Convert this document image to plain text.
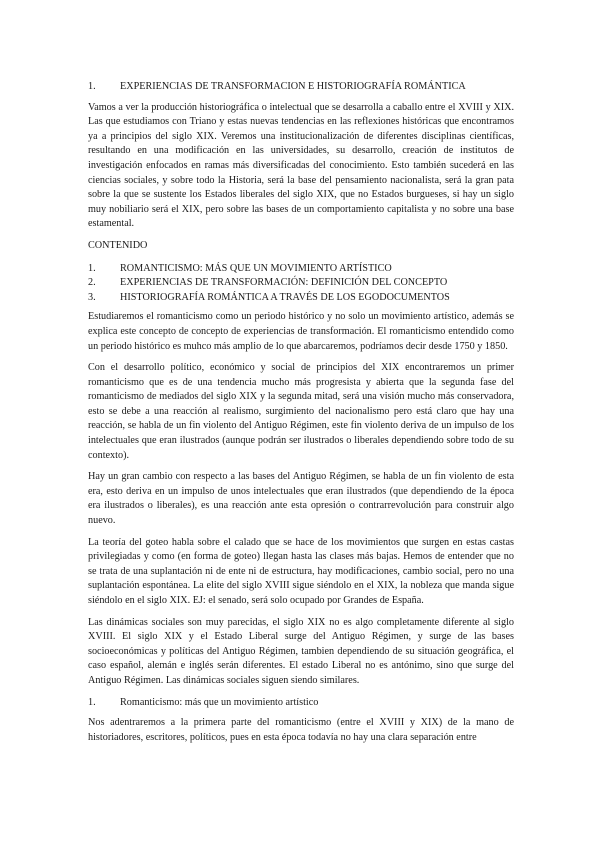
1.	EXPERIENCIAS DE TRANSFORMACION E HISTORIOGRAFÍA ROMÁNTICA

Vamos a ver la producción historiográfica o intelectual que se desarrolla a caballo entre el XVIII y XIX. Las que estudiamos con Triano y estas nuevas tendencias en las reflexiones históricas que encontramos ya a principios del siglo XIX. Veremos una institucionalización de diferentes disciplinas científicas, resultando en una modificación en las universidades, su desarrollo, creación de institutos de investigación enfocados en ramas más diversificadas del conocimiento. Esto también sucederá en las ciencias sociales, y sobre todo la Historia, será la base del pensamiento nacionalista, será la gran pata sobre la que se sustente los Estados liberales del siglo XIX, que no Estados burgueses, si hay un siglo muy nobiliario será el XIX, pero sobre las bases de un comportamiento capitalista y no sobre una base estamental.

CONTENIDO
1.	ROMANTICISMO: MÁS QUE UN MOVIMIENTO ARTÍSTICO
2.	EXPERIENCIAS DE TRANSFORMACIÓN: DEFINICIÓN DEL CONCEPTO
3.	HISTORIOGRAFÍA ROMÁNTICA A TRAVÉS DE LOS EGODOCUMENTOS

Estudiaremos el romanticismo como un periodo histórico y no solo un movimiento artístico, además se explica este concepto de concepto de experiencias de transformación. El romanticismo entendido como un periodo histórico es muhco más amplio de lo que abarcaremos, podríamos decir desde 1750 y 1850.

Con el desarrollo político, económico y social de principios del XIX encontraremos un primer romanticismo que es de una tendencia mucho más progresista y abierta que la segunda fase del romanticismo de mediados del siglo XIX y la segunda mitad, será una visión mucho más conservadora, esto se debe a una reacción al realismo, surgimiento del nacionalismo pero está claro que hay una reacción, se habla de un fin violento del Antiguo Régimen, este fin violento deriva de un impulso de los intelectuales que eran ilustrados (aunque podrán ser ilustrados o liberales dependiendo sobre todo de su contexto).

Hay un gran cambio con respecto a las bases del Antiguo Régimen, se habla de un fin violento de esta era, esto deriva en un impulso de unos intelectuales que eran ilustrados (que dependiendo de la época era ilustrados o liberales), es una reacción ante esta opresión o contrarrevolución para construir algo nuevo.

La teoría del goteo habla sobre el calado que se hace de los movimientos que surgen en estas castas privilegiadas y como (en forma de goteo) llegan hasta las clases más bajas. Hemos de entender que no se trata de una suplantación ni de ente ni de estructura, hay modificaciones, cambio social, pero no una suplantación espontánea. La elite del siglo XVIII sigue siéndolo en el XIX, la nobleza que manda sigue siéndolo en el siglo XIX. EJ: el senado, será solo ocupado por Grandes de España.

Las dinámicas sociales son muy parecidas, el siglo XIX no es algo completamente diferente al siglo XVIII. El siglo XIX y el Estado Liberal surge del Antiguo Régimen, y surge de las bases socioeconómicas y políticas del Antiguo Régimen, tambien dependiendo de su situación geográfica, el caso español, alemán e inglés serán diferentes. El estado Liberal no es antónimo, sino que surge del Antiguo Régimen. Las dinámicas sociales siguen siendo similares.

1.	Romanticismo: más que un movimiento artístico

Nos adentraremos a la primera parte del romanticismo (entre el XVIII y XIX) de la mano de historiadores, escritores, políticos, pues en esta época todavía no hay una clara separación entre
